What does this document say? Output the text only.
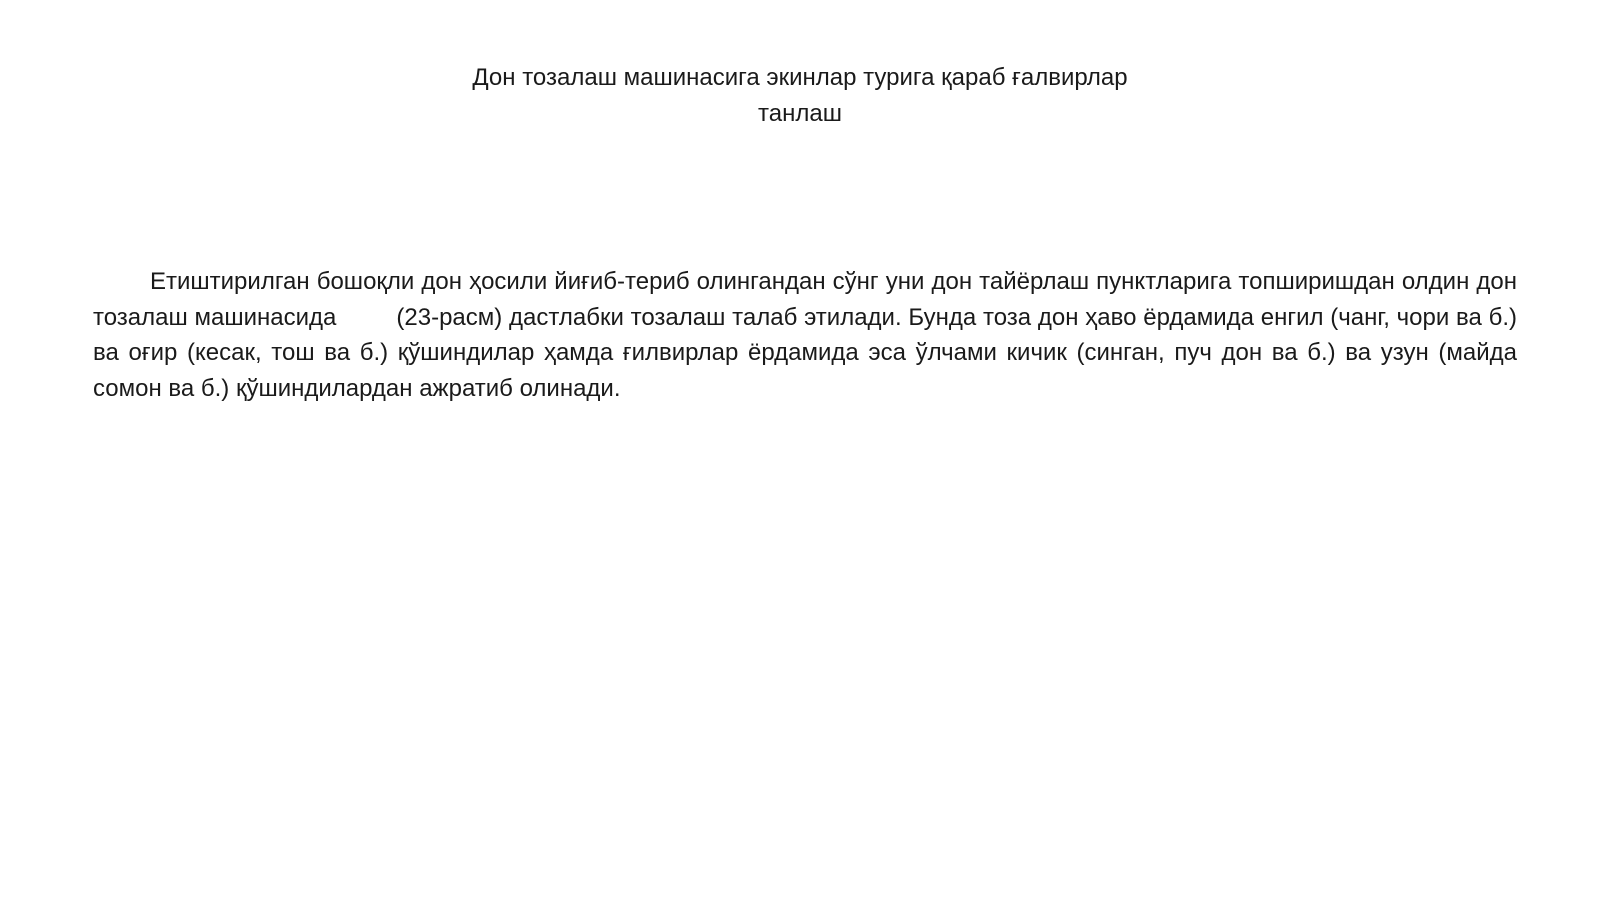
Дон тозалаш машинасига экинлар турига қараб ғалвирлар
танлаш

Етиштирилган бошоқли дон ҳосили йиғиб-териб олингандан сўнг уни дон тайёрлаш пунктларига топширишдан олдин дон тозалаш машинасида	(23-расм) дастлабки тозалаш талаб этилади. Бунда тоза дон ҳаво ёрдамида енгил (чанг, чори ва б.) ва оғир (кесак, тош ва б.) қўшиндилар ҳамда ғилвирлар ёрдамида эса ўлчами кичик (синган, пуч дон ва б.) ва узун (майда сомон ва б.) қўшиндилардан ажратиб олинади.
